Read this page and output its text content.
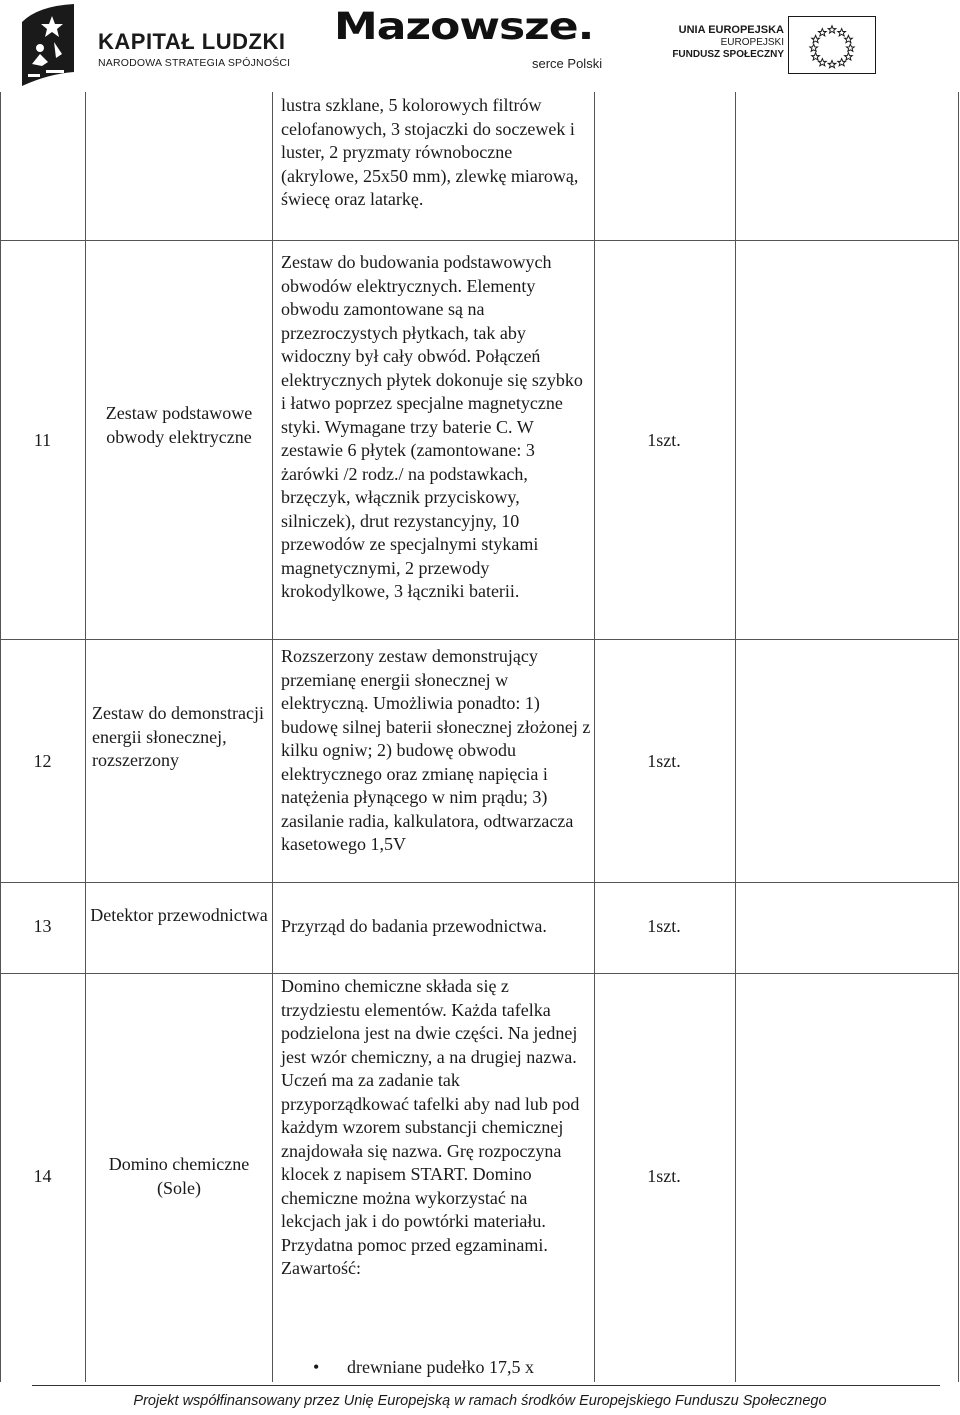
KAPITAŁ LUDZKI
NARODOWA STRATEGIA SPÓJNOŚCI
Mazowsze.
serce Polski
UNIA EUROPEJSKA
EUROPEJSKI
FUNDUSZ SPOŁECZNY
lustra szklane, 5 kolorowych filtrów celofanowych, 3 stojaczki do soczewek i luster, 2 pryzmaty równoboczne (akrylowe, 25x50 mm), zlewkę miarową, świecę oraz latarkę.
11
Zestaw podstawowe obwody elektryczne
Zestaw do budowania podstawowych obwodów elektrycznych. Elementy obwodu zamontowane są na przezroczystych płytkach, tak aby widoczny był cały obwód. Połączeń elektrycznych płytek dokonuje się szybko i łatwo poprzez specjalne magnetyczne styki. Wymagane trzy baterie C. W zestawie 6 płytek (zamontowane: 3 żarówki /2 rodz./ na podstawkach, brzęczyk, włącznik przyciskowy, silniczek), drut rezystancyjny, 10 przewodów ze specjalnymi stykami magnetycznymi, 2 przewody krokodylkowe, 3 łączniki baterii.
1szt.
12
Zestaw do demonstracji energii słonecznej, rozszerzony
Rozszerzony zestaw demonstrujący przemianę energii słonecznej w elektryczną. Umożliwia ponadto: 1) budowę silnej baterii słonecznej złożonej z kilku ogniw; 2) budowę obwodu elektrycznego oraz zmianę napięcia i natężenia płynącego w nim prądu; 3) zasilanie radia, kalkulatora, odtwarzacza kasetowego 1,5V
1szt.
13
Detektor przewodnictwa
Przyrząd do badania przewodnictwa.	1szt.
14
Domino chemiczne (Sole)
Domino chemiczne składa się z trzydziestu elementów. Każda tafelka podzielona jest na dwie części. Na jednej jest wzór chemiczny, a na drugiej nazwa. Uczeń ma za zadanie tak przyporządkować tafelki aby nad lub pod każdym wzorem substancji chemicznej znajdowała się nazwa. Grę rozpoczyna klocek z napisem START. Domino chemiczne można wykorzystać na lekcjach jak i do powtórki materiału. Przydatna pomoc przed egzaminami. Zawartość:
1szt.
• drewniane pudełko 17,5 x
Projekt współfinansowany przez Unię Europejską w ramach środków Europejskiego Funduszu Społecznego
